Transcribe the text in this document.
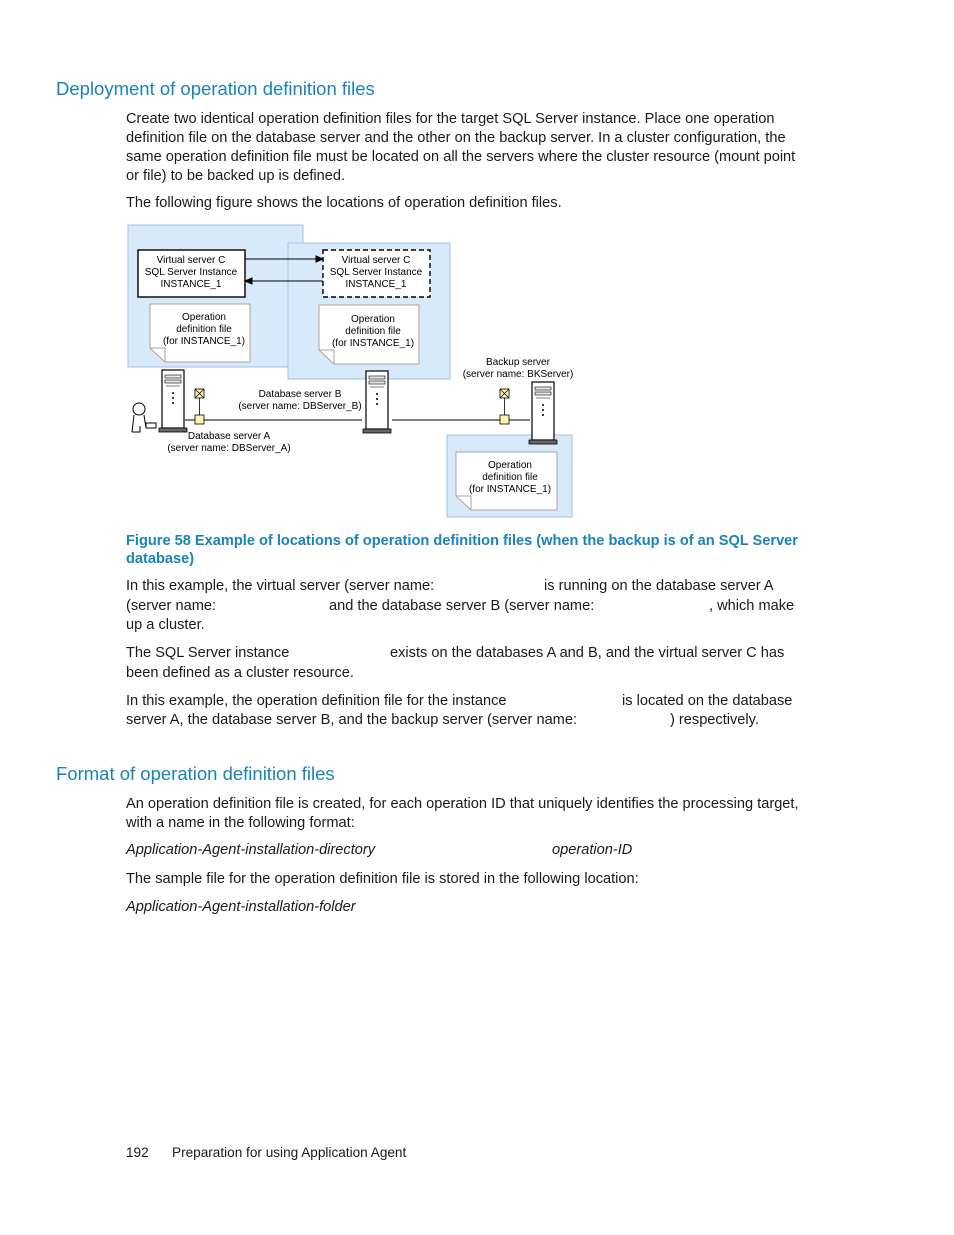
Deployment of operation definition files

Create two identical operation definition files for the target SQL Server instance. Place one operation definition file on the database server and the other on the backup server. In a cluster configuration, the same operation definition file must be located on all the servers where the cluster resource (mount point or file) to be backed up is defined.

The following figure shows the locations of operation definition files.

Virtual server C
SQL Server Instance
INSTANCE_1
Virtual server C
SQL Server Instance
INSTANCE_1
Operation
definition file
(for INSTANCE_1)
Operation
definition file
(for INSTANCE_1)
Operation
definition file
(for INSTANCE_1)
Backup server
(server name: BKServer)
Database server B
(server name: DBServer_B)
Database server A
(server name: DBServer_A)

Figure 58 Example of locations of operation definition files (when the backup is of an SQL Server database)

In this example, the virtual server (server name:	is running on the database server A
(server name:	and the database server B (server name:	, which make
up a cluster.
The SQL Server instance	exists on the databases A and B, and the virtual server C has
been defined as a cluster resource.
In this example, the operation definition file for the instance	is located on the database
server A, the database server B, and the backup server (server name:	) respectively.
Format of operation definition files

An operation definition file is created, for each operation ID that uniquely identifies the processing target, with a name in the following format:

Application-Agent-installation-directory	operation-ID

The sample file for the operation definition file is stored in the following location:

Application-Agent-installation-folder
192 Preparation for using Application Agent
